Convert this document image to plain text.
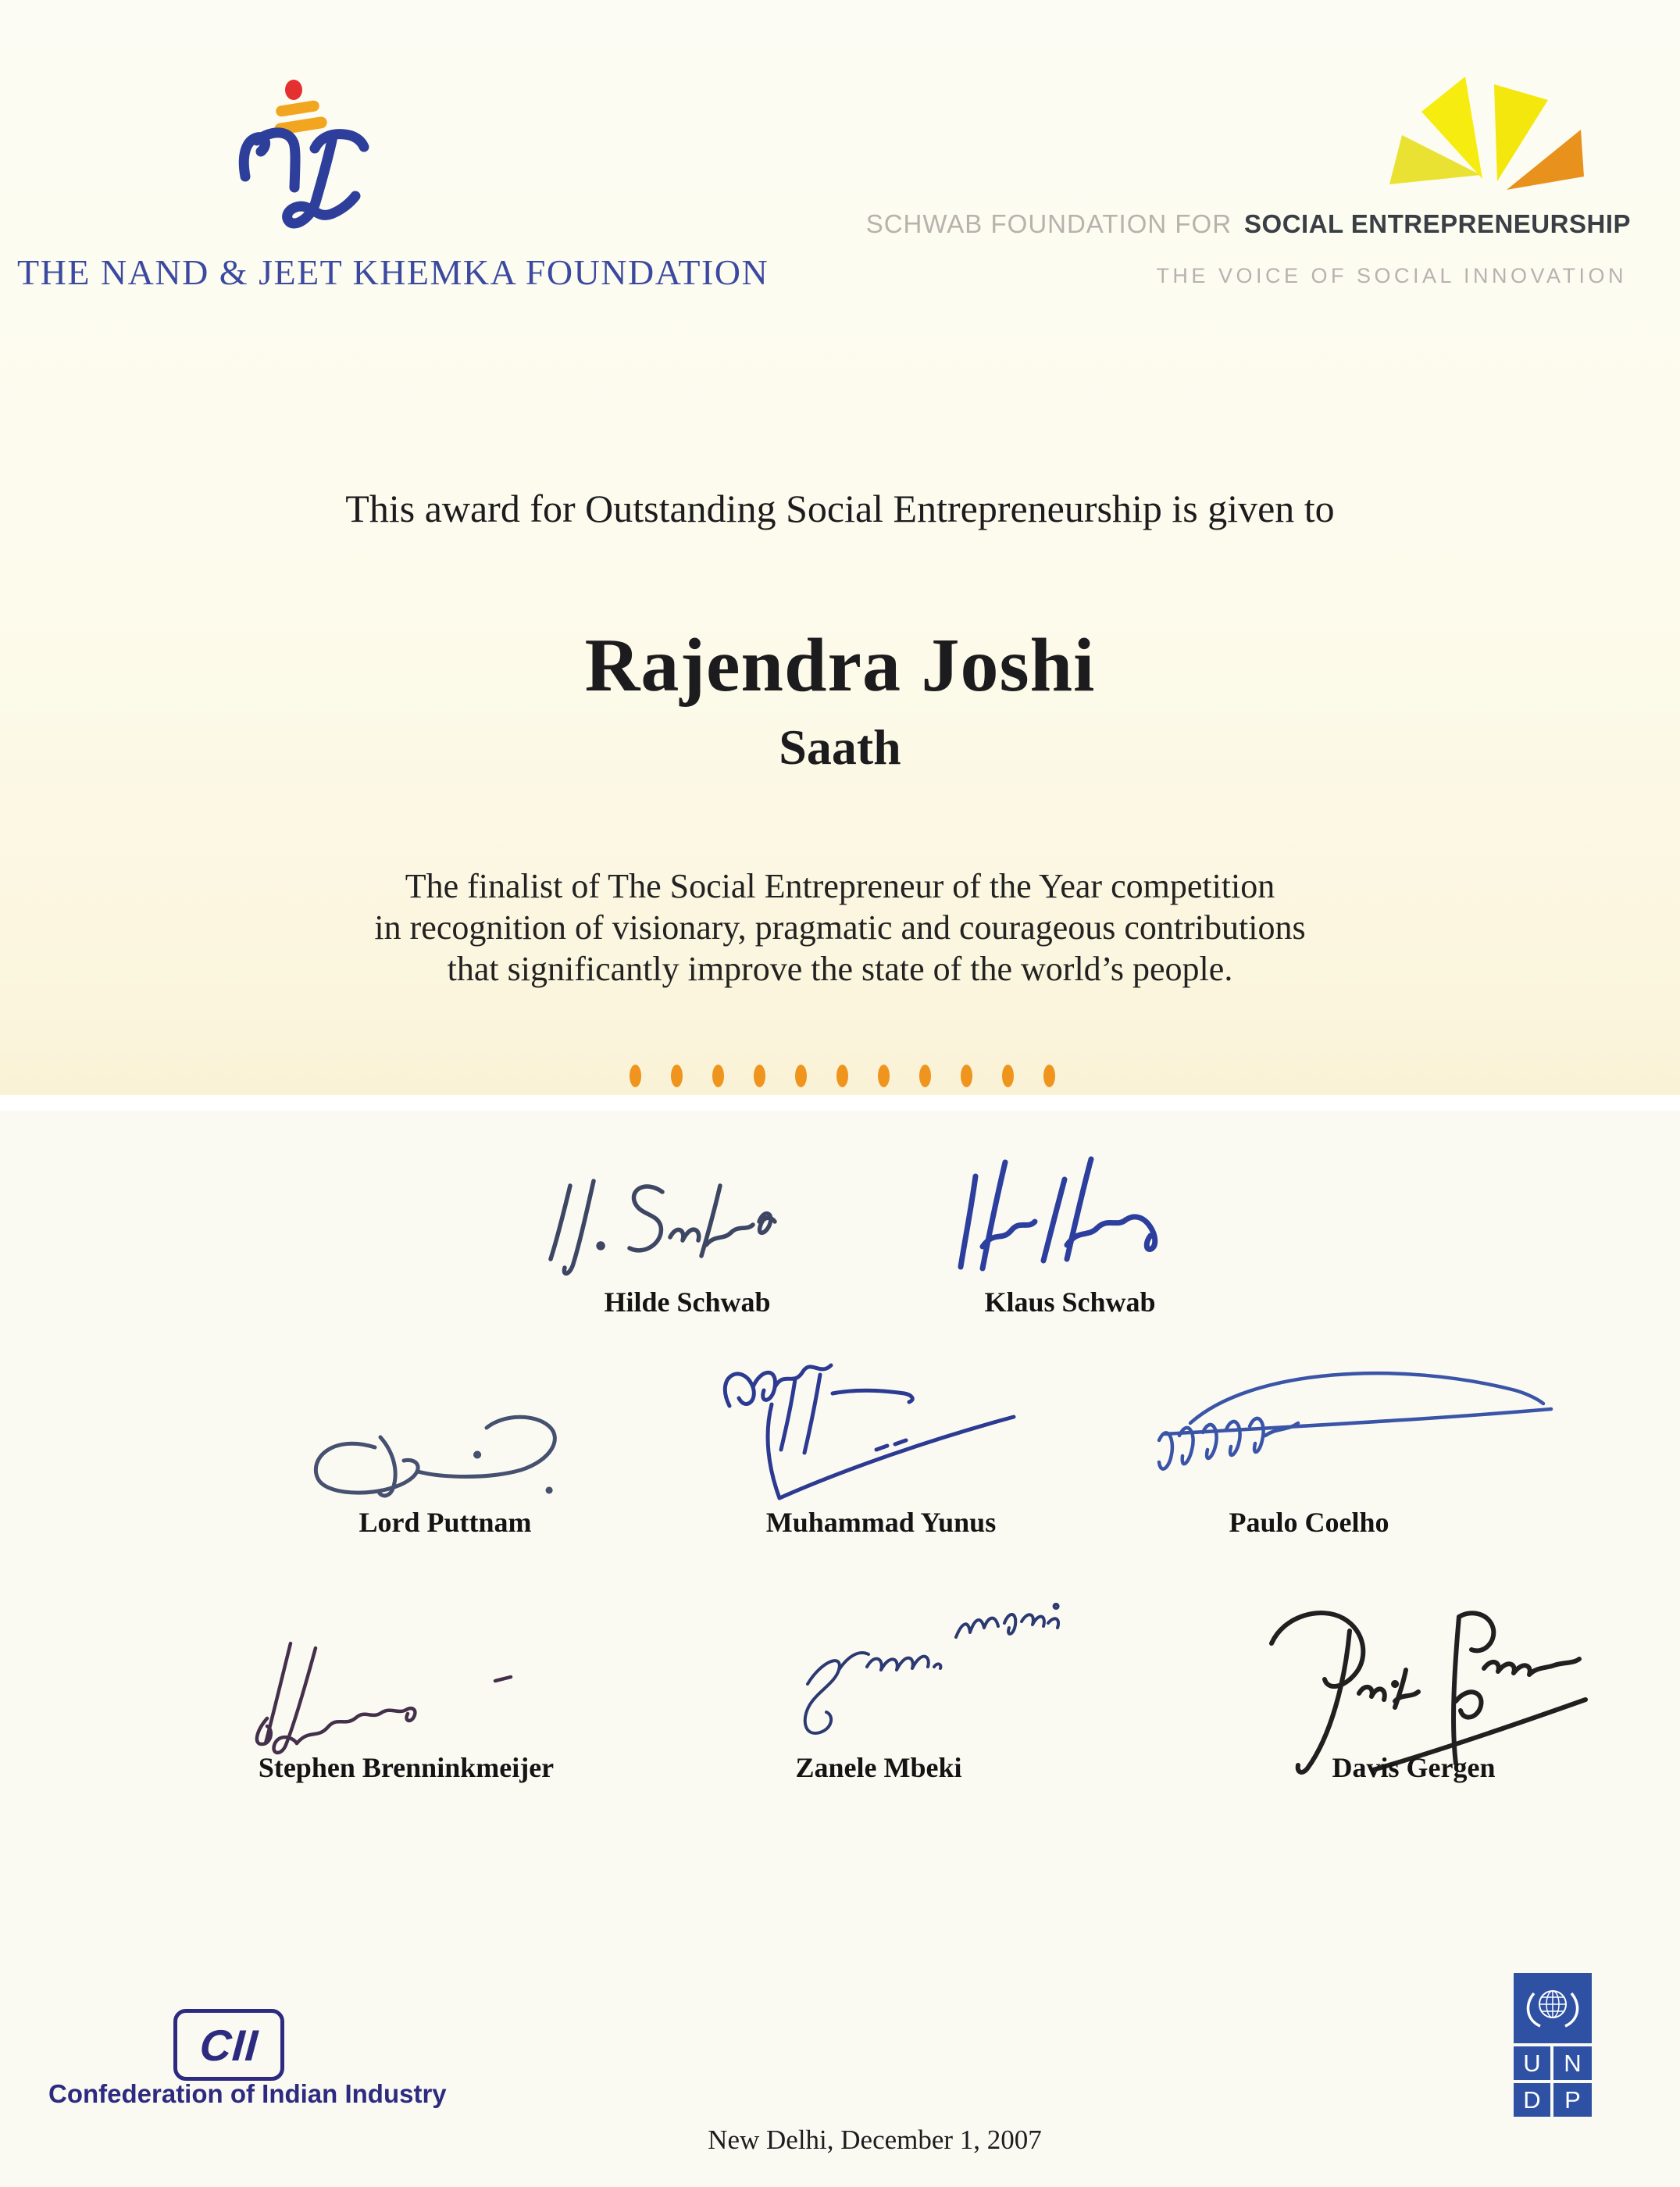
THE NAND & JEET KHEMKA FOUNDATION
SCHWAB FOUNDATION FOR SOCIAL ENTREPRENEURSHIP
THE VOICE OF SOCIAL INNOVATION
This award for Outstanding Social Entrepreneurship is given to
Rajendra Joshi
Saath
The finalist of The Social Entrepreneur of the Year competition
in recognition of visionary, pragmatic and courageous contributions
that significantly improve the state of the world’s people.
Hilde Schwab	Klaus Schwab
Lord Puttnam	Muhammad Yunus	Paulo Coelho
Stephen Brenninkmeijer	Zanele Mbeki	Davis Gergen
CII
Confederation of Indian Industry
U N
D P
New Delhi, December 1, 2007
